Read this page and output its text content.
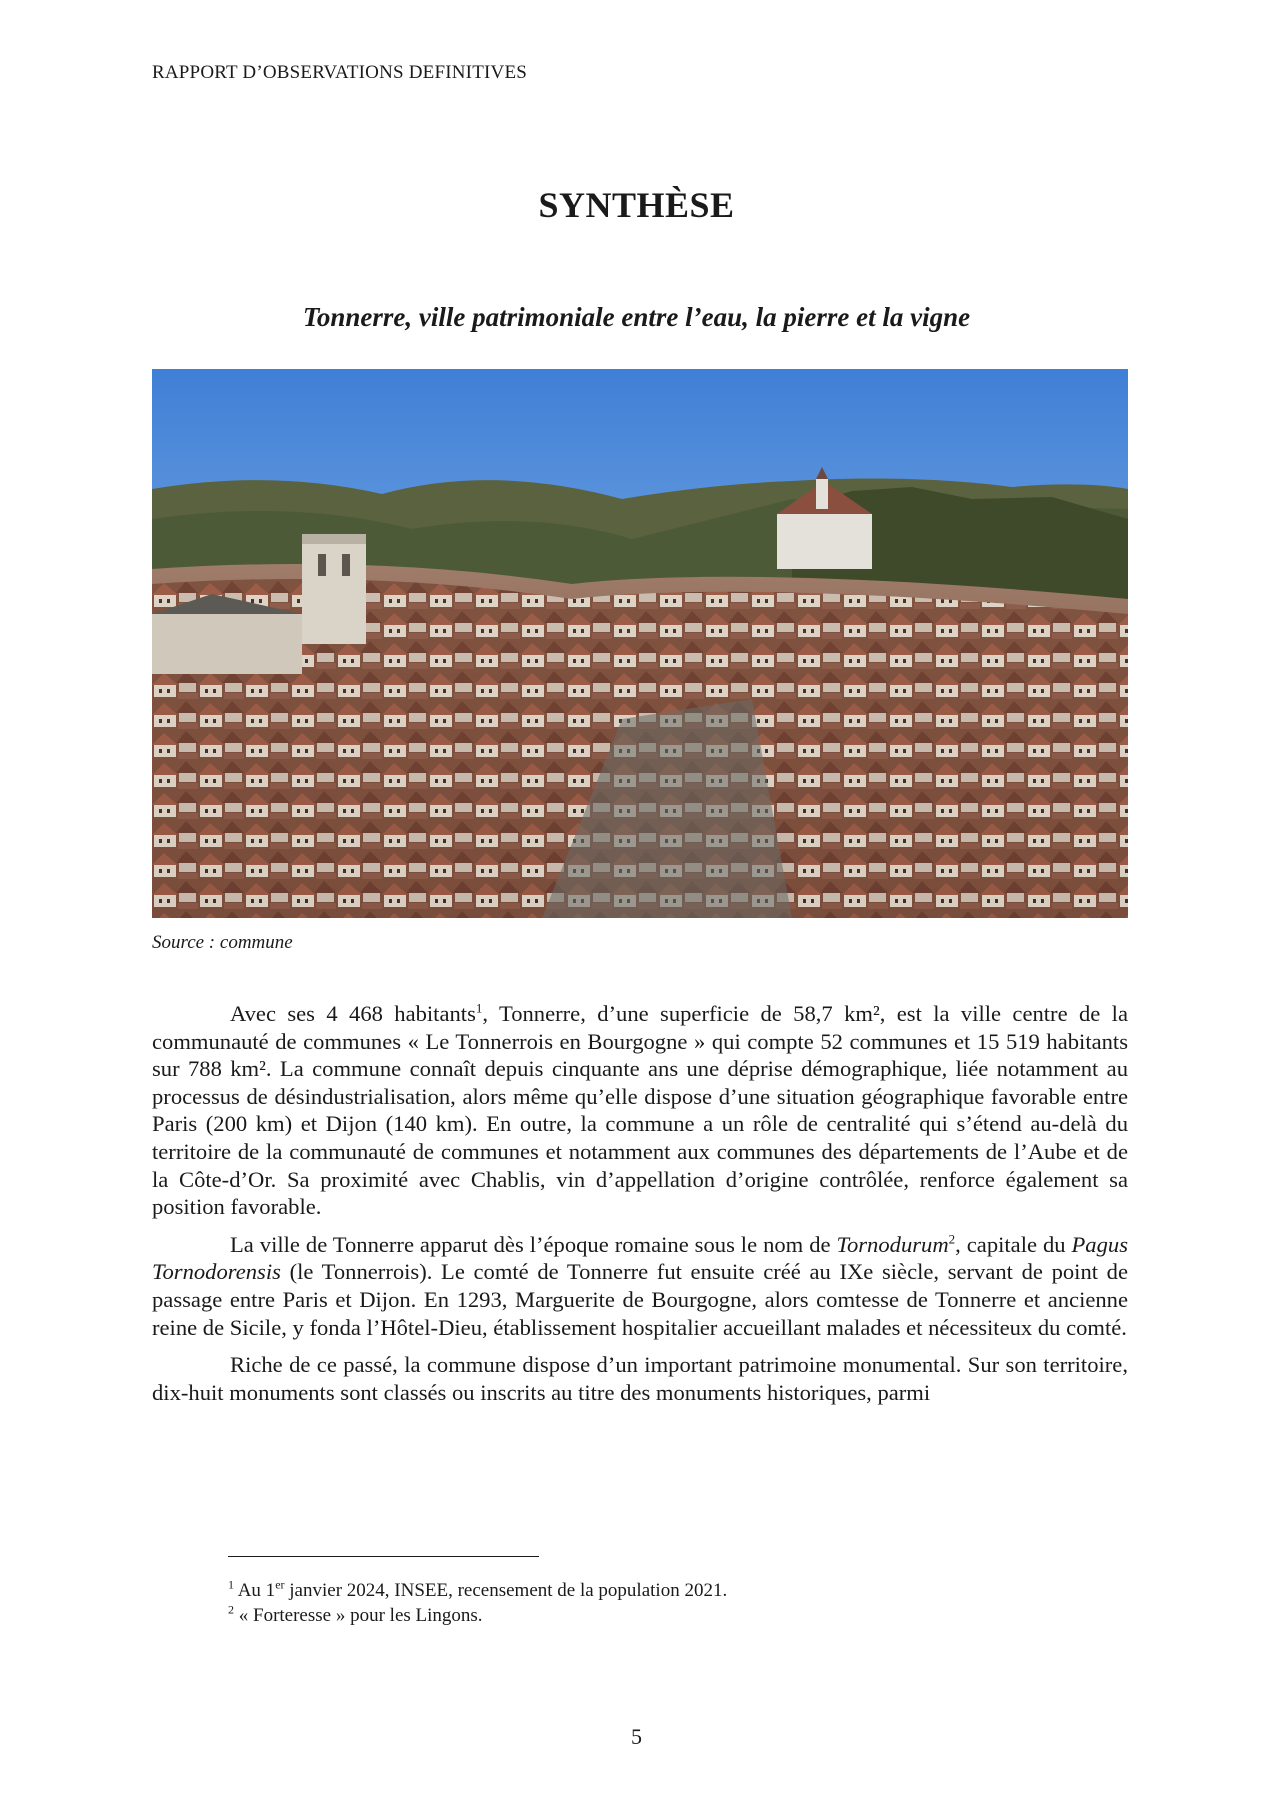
RAPPORT D’OBSERVATIONS DEFINITIVES
SYNTHÈSE
Tonnerre, ville patrimoniale entre l’eau, la pierre et la vigne
Source : commune

Avec ses 4 468 habitants$^1$, Tonnerre, d’une superficie de 58,7 km², est la ville centre de la communauté de communes « Le Tonnerrois en Bourgogne » qui compte 52 communes et 15 519 habitants sur 788 km². La commune connaît depuis cinquante ans une déprise démographique, liée notamment au processus de désindustrialisation, alors même qu’elle dispose d’une situation géographique favorable entre Paris (200 km) et Dijon (140 km). En outre, la commune a un rôle de centralité qui s’étend au-delà du territoire de la communauté de communes et notamment aux communes des départements de l’Aube et de la Côte-d’Or. Sa proximité avec Chablis, vin d’appellation d’origine contrôlée, renforce également sa position favorable.

La ville de Tonnerre apparut dès l’époque romaine sous le nom de Tornodurum$^2$, capitale du Pagus Tornodorensis (le Tonnerrois). Le comté de Tonnerre fut ensuite créé au IXe siècle, servant de point de passage entre Paris et Dijon. En 1293, Marguerite de Bourgogne, alors comtesse de Tonnerre et ancienne reine de Sicile, y fonda l’Hôtel-Dieu, établissement hospitalier accueillant malades et nécessiteux du comté.

Riche de ce passé, la commune dispose d’un important patrimoine monumental. Sur son territoire, dix-huit monuments sont classés ou inscrits au titre des monuments historiques, parmi

$^1$ Au 1er janvier 2024, INSEE, recensement de la population 2021.
$^2$ « Forteresse » pour les Lingons.
5
